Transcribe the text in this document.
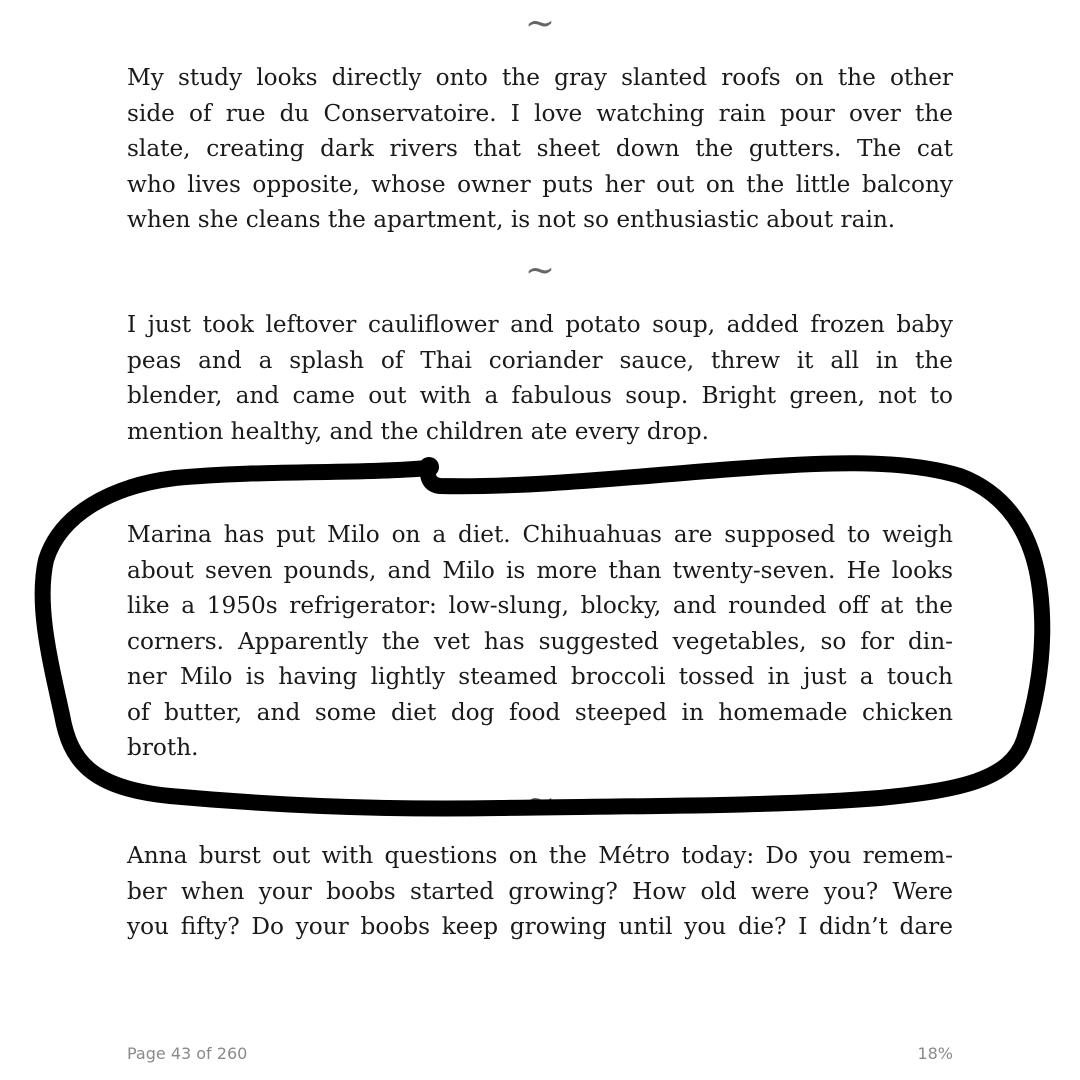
~
~
~
~

My study looks directly onto the gray slanted roofs on the other
side of rue du Conservatoire. I love watching rain pour over the
slate, creating dark rivers that sheet down the gutters. The cat
who lives opposite, whose owner puts her out on the little balcony
when she cleans the apartment, is not so enthusiastic about rain.

I just took leftover cauliflower and potato soup, added frozen baby
peas and a splash of Thai coriander sauce, threw it all in the
blender, and came out with a fabulous soup. Bright green, not to
mention healthy, and the children ate every drop.

Marina has put Milo on a diet. Chihuahuas are supposed to weigh
about seven pounds, and Milo is more than twenty-seven. He looks
like a 1950s refrigerator: low-slung, blocky, and rounded off at the
corners. Apparently the vet has suggested vegetables, so for din-
ner Milo is having lightly steamed broccoli tossed in just a touch
of butter, and some diet dog food steeped in homemade chicken
broth.

Anna burst out with questions on the Métro today: Do you remem-
ber when your boobs started growing? How old were you? Were
you fifty? Do your boobs keep growing until you die? I didn’t dare

Page 43 of 260	18%
